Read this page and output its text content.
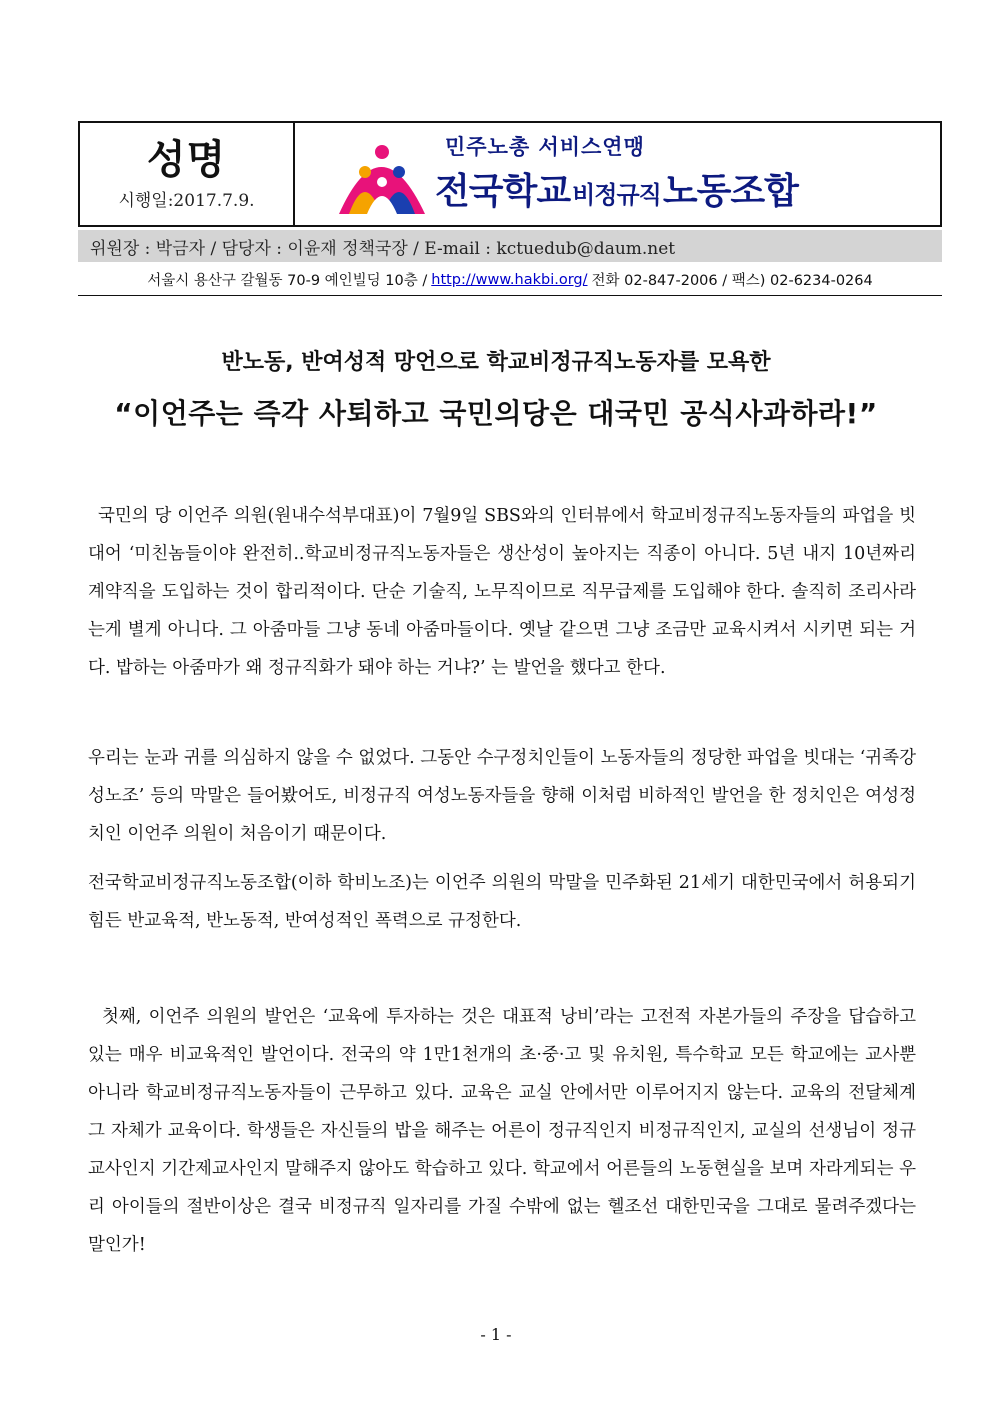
성명
시행일:2017.7.9.
민주노총 서비스연맹
전국학교 비정규직 노동조합
위원장 : 박금자 / 담당자 : 이윤재 정책국장 / E-mail : kctuedub@daum.net
서울시 용산구 갈월동 70-9 예인빌딩 10층 / http://www.hakbi.org/ 전화 02-847-2006 / 팩스) 02-6234-0264
반노동, 반여성적 망언으로 학교비정규직노동자를 모욕한
“이언주는 즉각 사퇴하고 국민의당은 대국민 공식사과하라!”

국민의 당 이언주 의원(원내수석부대표)이 7월9일 SBS와의 인터뷰에서 학교비정규직노동자들의 파업을 빗대어 ‘미친놈들이야 완전히..학교비정규직노동자들은 생산성이 높아지는 직종이 아니다. 5년 내지 10년짜리 계약직을 도입하는 것이 합리적이다. 단순 기술직, 노무직이므로 직무급제를 도입해야 한다. 솔직히 조리사라는게 별게 아니다. 그 아줌마들 그냥 동네 아줌마들이다. 옛날 같으면 그냥 조금만 교육시켜서 시키면 되는 거다. 밥하는 아줌마가 왜 정규직화가 돼야 하는 거냐?’ 는 발언을 했다고 한다.

우리는 눈과 귀를 의심하지 않을 수 없었다. 그동안 수구정치인들이 노동자들의 정당한 파업을 빗대는 ‘귀족강성노조’ 등의 막말은 들어봤어도, 비정규직 여성노동자들을 향해 이처럼 비하적인 발언을 한 정치인은 여성정치인 이언주 의원이 처음이기 때문이다.

전국학교비정규직노동조합(이하 학비노조)는 이언주 의원의 막말을 민주화된 21세기 대한민국에서 허용되기 힘든 반교육적, 반노동적, 반여성적인 폭력으로 규정한다.

첫째, 이언주 의원의 발언은 ‘교육에 투자하는 것은 대표적 낭비’라는 고전적 자본가들의 주장을 답습하고 있는 매우 비교육적인 발언이다. 전국의 약 1만1천개의 초·중·고 및 유치원, 특수학교 모든 학교에는 교사뿐 아니라 학교비정규직노동자들이 근무하고 있다. 교육은 교실 안에서만 이루어지지 않는다. 교육의 전달체계 그 자체가 교육이다. 학생들은 자신들의 밥을 해주는 어른이 정규직인지 비정규직인지, 교실의 선생님이 정규교사인지 기간제교사인지 말해주지 않아도 학습하고 있다. 학교에서 어른들의 노동현실을 보며 자라게되는 우리 아이들의 절반이상은 결국 비정규직 일자리를 가질 수밖에 없는 헬조선 대한민국을 그대로 물려주겠다는 말인가!

- 1 -
